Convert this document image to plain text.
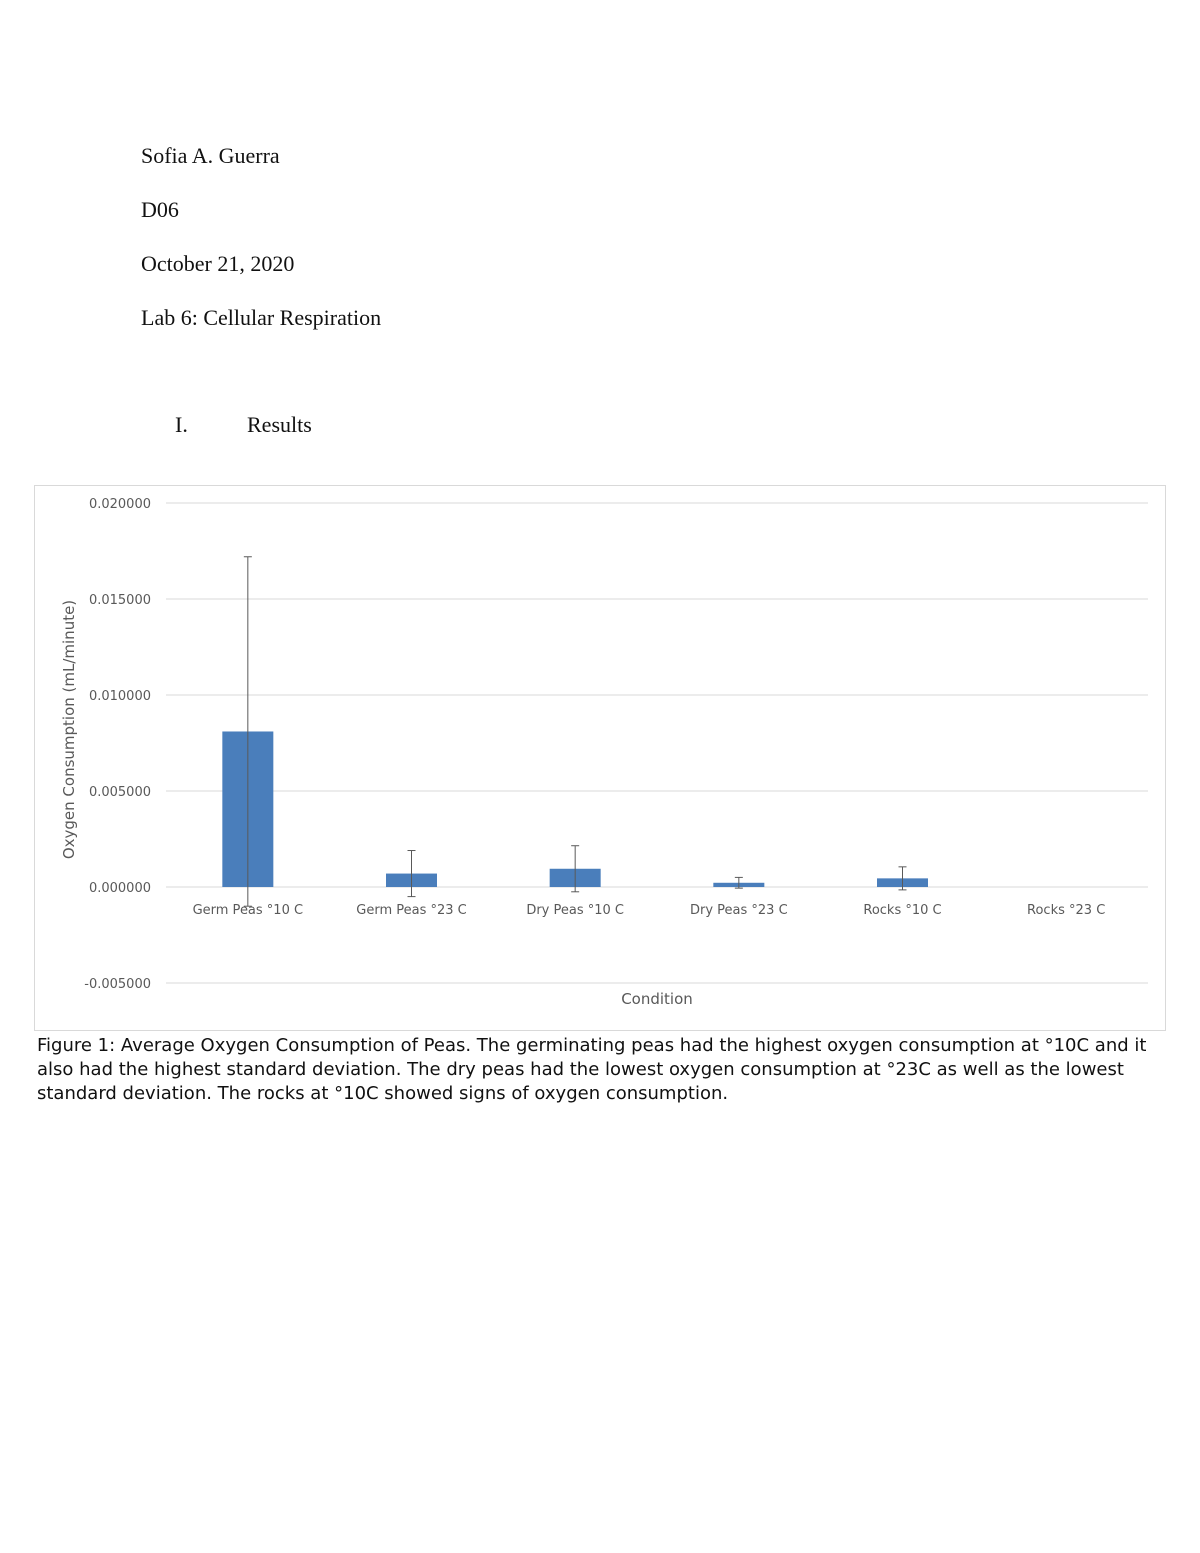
Sofia A. Guerra
D06
October 21, 2020
Lab 6: Cellular Respiration
I.	Results
-0.005000
0.000000
0.005000
0.010000
0.015000
0.020000
Germ Peas °10 C	Germ Peas °23 C	Dry Peas °10 C	Dry Peas °23 C	Rocks °10 C	Rocks °23 C
Condition
Oxygen Consumption (mL/minute)
Figure 1: Average Oxygen Consumption of Peas. The germinating peas had the highest oxygen consumption at °10C and it also had the highest standard deviation. The dry peas had the lowest oxygen consumption at °23C as well as the lowest standard deviation. The rocks at °10C showed signs of oxygen consumption.
